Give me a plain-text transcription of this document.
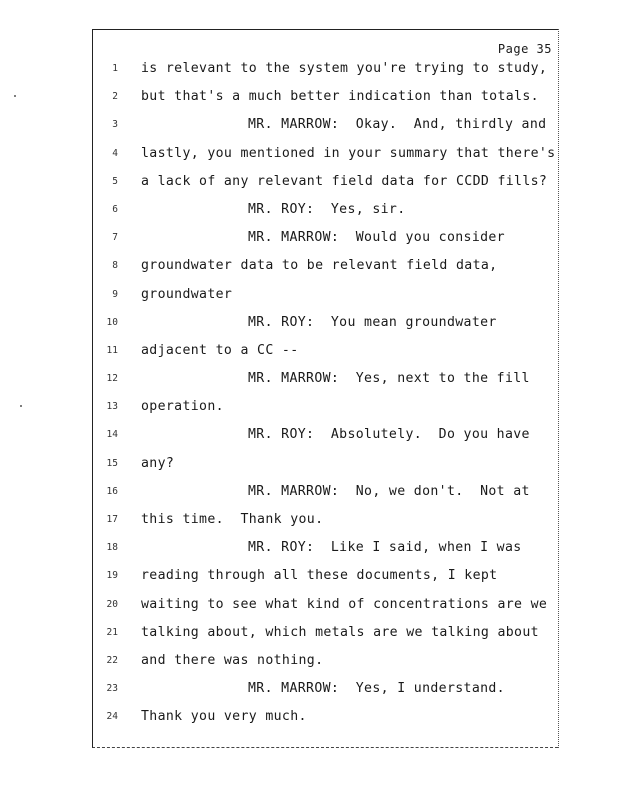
Page 35
1 is relevant to the system you're trying to study,
2 but that's a much better indication than totals.
3	MR. MARROW:  Okay.  And, thirdly and
4 lastly, you mentioned in your summary that there's
5 a lack of any relevant field data for CCDD fills?
6	MR. ROY:  Yes, sir.
7	MR. MARROW:  Would you consider
8 groundwater data to be relevant field data,
9 groundwater
10	MR. ROY:  You mean groundwater
11 adjacent to a CC --
12	MR. MARROW:  Yes, next to the fill
13 operation.
14	MR. ROY:  Absolutely.  Do you have
15 any?
16	MR. MARROW:  No, we don't.  Not at
17 this time.  Thank you.
18	MR. ROY:  Like I said, when I was
19 reading through all these documents, I kept
20 waiting to see what kind of concentrations are we
21 talking about, which metals are we talking about
22 and there was nothing.
23	MR. MARROW:  Yes, I understand.
24 Thank you very much.
